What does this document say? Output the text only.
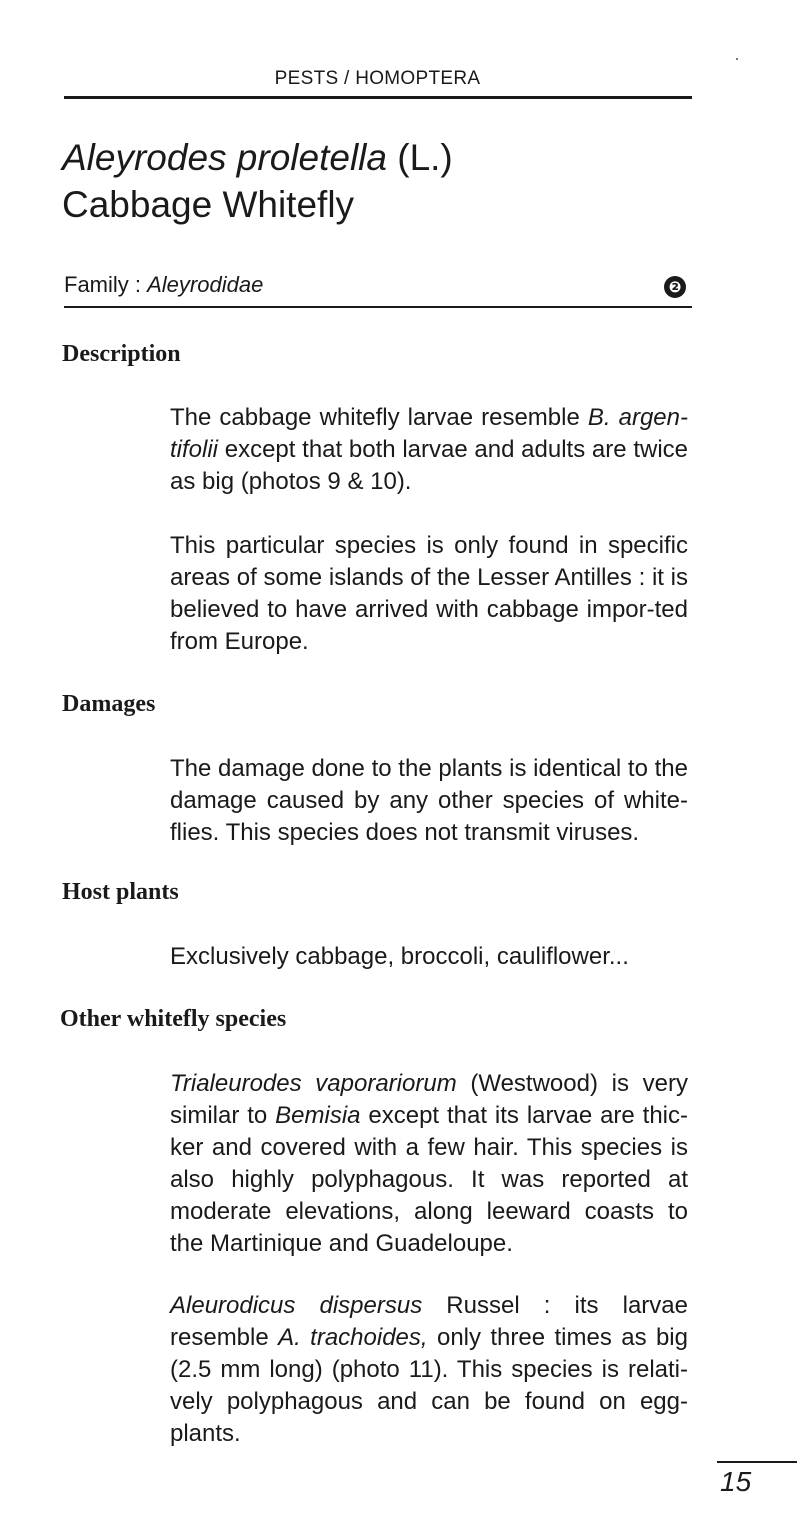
PESTS / HOMOPTERA
Aleyrodes proletella (L.)
Cabbage Whitefly
Family : Aleyrodidae	❷
Description
The cabbage whitefly larvae resemble B. argen-tifolii except that both larvae and adults are twice as big (photos 9 & 10).
This particular species is only found in specific areas of some islands of the Lesser Antilles : it is believed to have arrived with cabbage impor-ted from Europe.
Damages
The damage done to the plants is identical to the damage caused by any other species of white-flies. This species does not transmit viruses.
Host plants
Exclusively cabbage, broccoli, cauliflower...
Other whitefly species
Trialeurodes vaporariorum (Westwood) is very similar to Bemisia except that its larvae are thic-ker and covered with a few hair. This species is also highly polyphagous. It was reported at moderate elevations, along leeward coasts to the Martinique and Guadeloupe.
Aleurodicus dispersus Russel : its larvae resemble A. trachoides, only three times as big (2.5 mm long) (photo 11). This species is relati-vely polyphagous and can be found on egg-plants.
15
